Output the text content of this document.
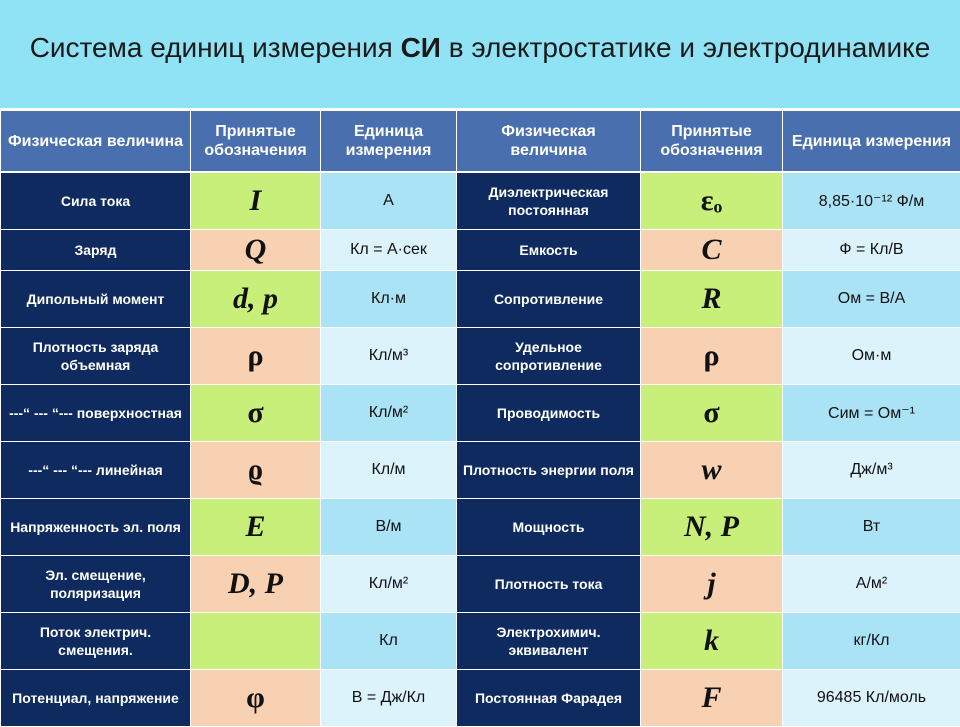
Система единиц измерения СИ в электростатике и электродинамике
Физическая величина	Принятые обозначения	Единица измерения	Физическая величина	Принятые обозначения	Единица измерения
Сила тока	I	А	Диэлектрическая постоянная	εₒ	8,85·10⁻¹² Ф/м
Заряд	Q	Кл = А·сек	Емкость	C	Ф = Кл/В
Дипольный момент	d, p	Кл·м	Сопротивление	R	Ом = В/А
Плотность заряда объемная	ρ	Кл/м³	Удельное сопротивление	ρ	Ом·м
---“ --- “--- поверхностная	σ	Кл/м²	Проводимость	σ	Сим = Ом⁻¹
---“ --- “--- линейная	ϱ	Кл/м	Плотность энергии поля	w	Дж/м³
Напряженность эл. поля	E	В/м	Мощность	N, P	Вт
Эл. смещение, поляризация	D, P	Кл/м²	Плотность тока	j	А/м²
Поток электрич. смещения.		Кл	Электрохимич. эквивалент	k	кг/Кл
Потенциал, напряжение	φ	В = Дж/Кл	Постоянная Фарадея	F	96485 Кл/моль
